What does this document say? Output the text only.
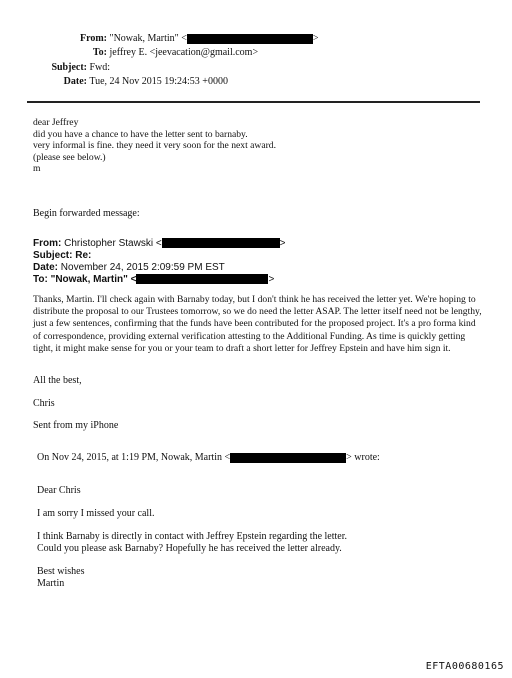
From: "Nowak, Martin" <	>
To: jeffrey E. <jeevacation@gmail.com>
Subject: Fwd:
Date: Tue, 24 Nov 2015 19:24:53 +0000
dear Jeffrey
did you have a chance to have the letter sent to barnaby.
very informal is fine. they need it very soon for the next award.
(please see below.)
m
Begin forwarded message:
From: Christopher Stawski <	>
Subject: Re:
Date: November 24, 2015 2:09:59 PM EST
To: "Nowak, Martin" <	>
Thanks, Martin. I'll check again with Barnaby today, but I don't think he has received the letter yet. We're hoping to distribute the proposal to our Trustees tomorrow, so we do need the letter ASAP. The letter itself need not be lengthy, just a few sentences, confirming that the funds have been contributed for the proposed project. It's a pro forma kind of correspondence, providing external verification attesting to the Additional Funding. As time is quickly getting tight, it might make sense for you or your team to draft a short letter for Jeffrey Epstein and have him sign it.
All the best,
Chris
Sent from my iPhone
On Nov 24, 2015, at 1:19 PM, Nowak, Martin <	> wrote:
Dear Chris
I am sorry I missed your call.
I think Barnaby is directly in contact with Jeffrey Epstein regarding the letter.
Could you please ask Barnaby? Hopefully he has received the letter already.
Best wishes
Martin
EFTA00680165
